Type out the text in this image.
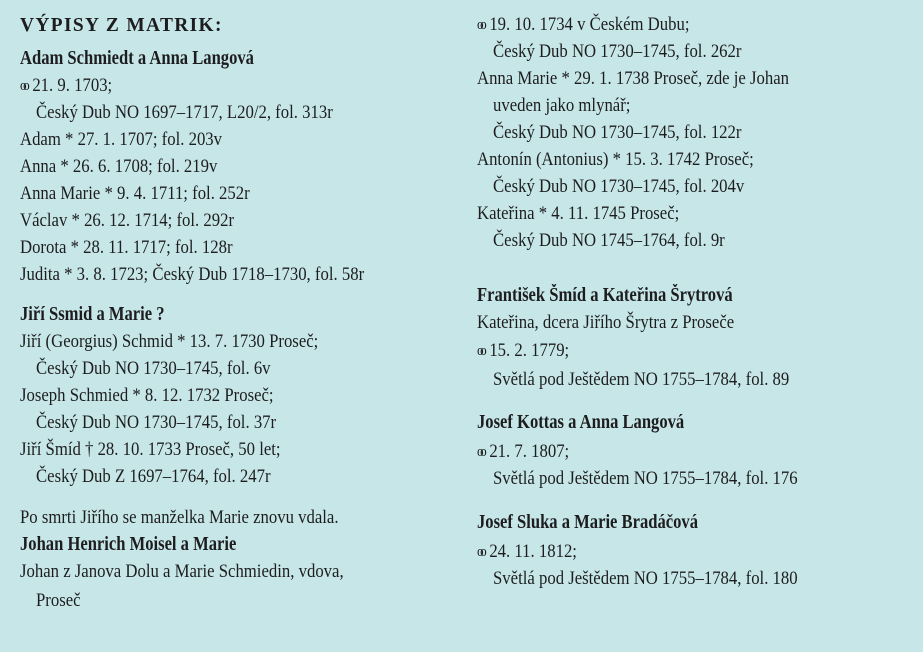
VÝPISY Z MATRIK:
Adam Schmiedt a Anna Langová
oo 21. 9. 1703;
Český Dub NO 1697–1717, L20/2, fol. 313r
Adam * 27. 1. 1707; fol. 203v
Anna * 26. 6. 1708; fol. 219v
Anna Marie * 9. 4. 1711; fol. 252r
Václav * 26. 12. 1714; fol. 292r
Dorota * 28. 11. 1717; fol. 128r
Judita * 3. 8. 1723; Český Dub 1718–1730, fol. 58r
Jiří Ssmid a Marie ?
Jiří (Georgius) Schmid * 13. 7. 1730 Proseč;
Český Dub NO 1730–1745, fol. 6v
Joseph Schmied * 8. 12. 1732 Proseč;
Český Dub NO 1730–1745, fol. 37r
Jiří Šmíd † 28. 10. 1733 Proseč, 50 let;
Český Dub Z 1697–1764, fol. 247r
Po smrti Jiřího se manželka Marie znovu vdala.
Johan Henrich Moisel a Marie
Johan z Janova Dolu a Marie Schmiedin, vdova,
Proseč
oo 19. 10. 1734 v Českém Dubu;
Český Dub NO 1730–1745, fol. 262r
Anna Marie * 29. 1. 1738 Proseč, zde je Johan
uveden jako mlynář;
Český Dub NO 1730–1745, fol. 122r
Antonín (Antonius) * 15. 3. 1742 Proseč;
Český Dub NO 1730–1745, fol. 204v
Kateřina * 4. 11. 1745 Proseč;
Český Dub NO 1745–1764, fol. 9r
František Šmíd a Kateřina Šrytrová
Kateřina, dcera Jiřího Šrytra z Proseče
oo 15. 2. 1779;
Světlá pod Ještědem NO 1755–1784, fol. 89
Josef Kottas a Anna Langová
oo 21. 7. 1807;
Světlá pod Ještědem NO 1755–1784, fol. 176
Josef Sluka a Marie Bradáčová
oo 24. 11. 1812;
Světlá pod Ještědem NO 1755–1784, fol. 180
